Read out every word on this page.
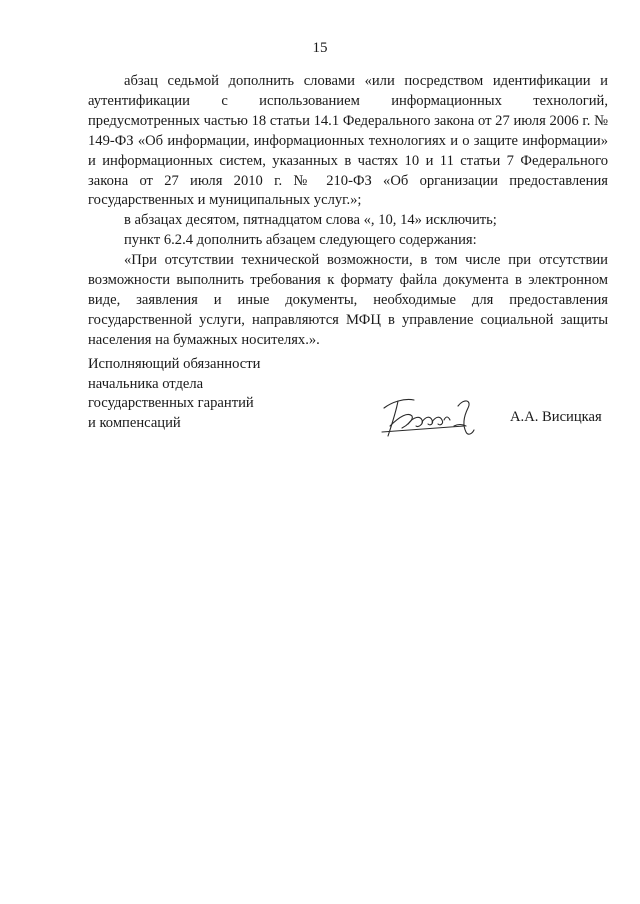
15

абзац седьмой дополнить словами «или посредством идентификации и аутентификации с использованием информационных технологий, предусмотренных частью 18 статьи 14.1 Федерального закона от 27 июля 2006 г. № 149-ФЗ «Об информации, информационных технологиях и о защите информации» и информационных систем, указанных в частях 10 и 11 статьи 7 Федерального закона от 27 июля 2010 г. № 210-ФЗ «Об организации предоставления государственных и муниципальных услуг.»;

в абзацах десятом, пятнадцатом слова «, 10, 14» исключить;

пункт 6.2.4 дополнить абзацем следующего содержания:

«При отсутствии технической возможности, в том числе при отсутствии возможности выполнить требования к формату файла документа в электронном виде, заявления и иные документы, необходимые для предоставления государственной услуги, направляются МФЦ в управление социальной защиты населения на бумажных носителях.».

Исполняющий обязанности
начальника отдела
государственных гарантий
и компенсаций	А.А. Висицкая
